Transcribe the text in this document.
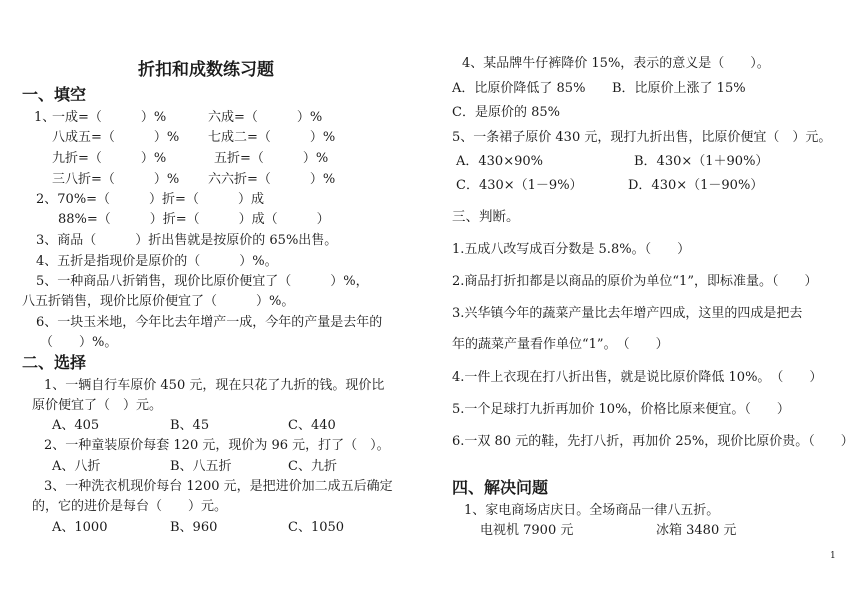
折扣和成数练习题
一、填空
1、
一成=（　　　）%	六成=（　　　）%
八成五=（　　　）% 七成二=（　　　）%
九折=（　　　）%	五折=（　　　）%
三八折=（　　　）% 六六折=（　　　）%
2、70%=（　　　）折=（　　　）成
88%=（　　　）折=（　　　）成（　　　）
3、商品（　　　）折出售就是按原价的 65%出售。
4、五折是指现价是原价的（　　　）%。
5、一种商品八折销售，现价比原价便宜了（　　　）%，
八五折销售，现价比原价便宜了（　　　）%。
6、一块玉米地，今年比去年增产一成，今年的产量是去年的
（　　）%。
二、选择
1、一辆自行车原价 450 元，现在只花了九折的钱。现价比
原价便宜了（　）元。
A、405	B、45	C、440
2、一种童装原价每套 120 元，现价为 96 元，打了（　）。
A、八折	B、八五折	C、九折
3、一种洗衣机现价每台 1200 元，是把进价加二成五后确定
的，它的进价是每台（　　）元。
A、1000	B、960	C、1050
4、某品牌牛仔裤降价 15%，表示的意义是（　　）。
A．比原价降低了 85% B．比原价上涨了 15%
C．是原价的 85%
5、一条裙子原价 430 元，现打九折出售，比原价便宜（　）元。
A．430×90%	B．430×（1＋90%）
C．430×（1－9%）	D．430×（1－90%）
三、判断。
1.五成八改写成百分数是 5.8%。（　　）
2.商品打折扣都是以商品的原价为单位“1”，即标准量。（　　）
3.兴华镇今年的蔬菜产量比去年增产四成，这里的四成是把去
年的蔬菜产量看作单位“1”。　（　　）
4.一件上衣现在打八折出售，就是说比原价降低 10%。　（　　）
5.一个足球打九折再加价 10%，价格比原来便宜。（　　）
6.一双 80 元的鞋，先打八折，再加价 25%，现价比原价贵。（　　）
四、解决问题
1、家电商场店庆日。全场商品一律八五折。
电视机 7900 元	冰箱 3480 元
1
